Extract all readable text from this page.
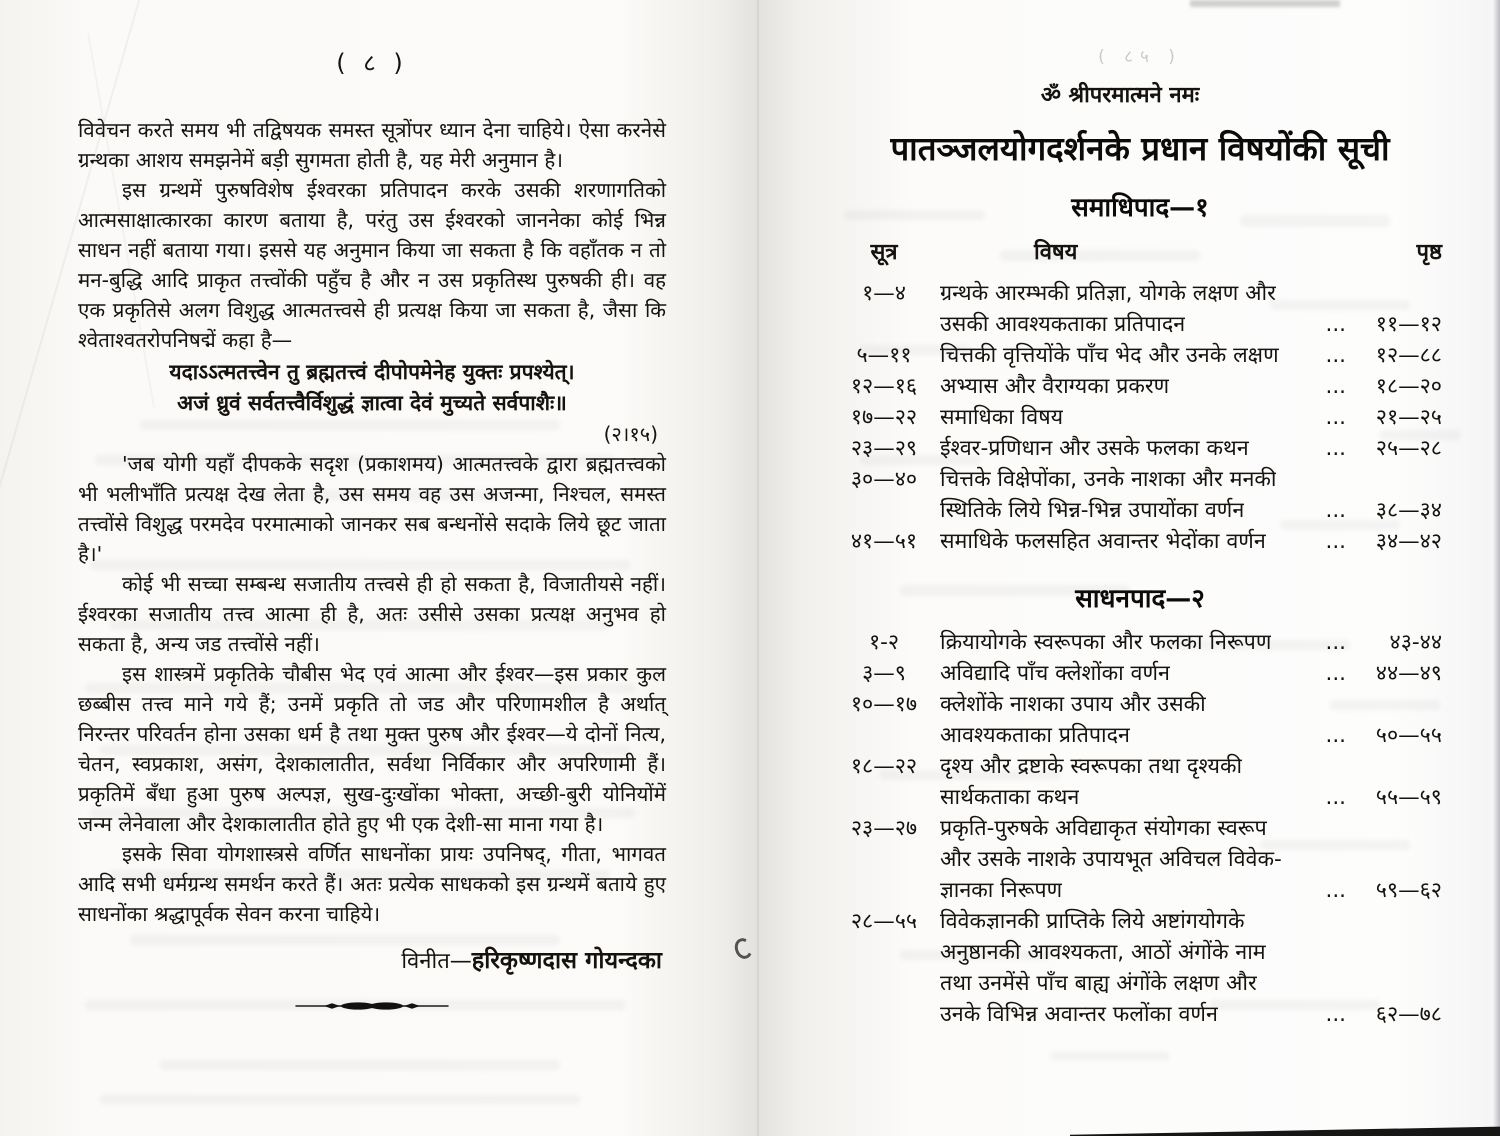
( ८ )

विवेचन करते समय भी तद्विषयक समस्त सूत्रोंपर ध्यान देना चाहिये। ऐसा करनेसे ग्रन्थका आशय समझनेमें बड़ी सुगमता होती है, यह मेरी अनुमान है।

इस ग्रन्थमें पुरुषविशेष ईश्वरका प्रतिपादन करके उसकी शरणागतिको आत्मसाक्षात्कारका कारण बताया है, परंतु उस ईश्वरको जाननेका कोई भिन्न साधन नहीं बताया गया। इससे यह अनुमान किया जा सकता है कि वहाँतक न तो मन-बुद्धि आदि प्राकृत तत्त्वोंकी पहुँच है और न उस प्रकृतिस्थ पुरुषकी ही। वह एक प्रकृतिसे अलग विशुद्ध आत्मतत्त्वसे ही प्रत्यक्ष किया जा सकता है, जैसा कि श्वेताश्वतरोपनिषद्में कहा है—

यदाऽऽत्मतत्त्वेन तु ब्रह्मतत्त्वं दीपोपमेनेह युक्तः प्रपश्येत्।
अजं ध्रुवं सर्वतत्त्वैर्विशुद्धं ज्ञात्वा देवं मुच्यते सर्वपाशैः॥
(२।१५)

'जब योगी यहाँ दीपकके सदृश (प्रकाशमय) आत्मतत्त्वके द्वारा ब्रह्मतत्त्वको भी भलीभाँति प्रत्यक्ष देख लेता है, उस समय वह उस अजन्मा, निश्चल, समस्त तत्त्वोंसे विशुद्ध परमदेव परमात्माको जानकर सब बन्धनोंसे सदाके लिये छूट जाता है।'

कोई भी सच्चा सम्बन्ध सजातीय तत्त्वसे ही हो सकता है, विजातीयसे नहीं। ईश्वरका सजातीय तत्त्व आत्मा ही है, अतः उसीसे उसका प्रत्यक्ष अनुभव हो सकता है, अन्य जड तत्त्वोंसे नहीं।

इस शास्त्रमें प्रकृतिके चौबीस भेद एवं आत्मा और ईश्वर—इस प्रकार कुल छब्बीस तत्त्व माने गये हैं; उनमें प्रकृति तो जड और परिणामशील है अर्थात् निरन्तर परिवर्तन होना उसका धर्म है तथा मुक्त पुरुष और ईश्वर—ये दोनों नित्य, चेतन, स्वप्रकाश, असंग, देशकालातीत, सर्वथा निर्विकार और अपरिणामी हैं। प्रकृतिमें बँधा हुआ पुरुष अल्पज्ञ, सुख-दुःखोंका भोक्ता, अच्छी-बुरी योनियोंमें जन्म लेनेवाला और देशकालातीत होते हुए भी एक देशी-सा माना गया है।

इसके सिवा योगशास्त्रसे वर्णित साधनोंका प्रायः उपनिषद्, गीता, भागवत आदि सभी धर्मग्रन्थ समर्थन करते हैं। अतः प्रत्येक साधकको इस ग्रन्थमें बताये हुए साधनोंका श्रद्धापूर्वक सेवन करना चाहिये।

विनीत—हरिकृष्णदास गोयन्दका
( ८५ )
ॐ श्रीपरमात्मने नमः
पातञ्जलयोगदर्शनके प्रधान विषयोंकी सूची
समाधिपाद—१
सूत्र	विषय	पृष्ठ
१—४	ग्रन्थके आरम्भकी प्रतिज्ञा, योगके लक्षण और
उसकी आवश्यकताका प्रतिपादन	...	११—१२
५—११	चित्तकी वृत्तियोंके पाँच भेद और उनके लक्षण ...	१२—८८
१२—१६	अभ्यास और वैराग्यका प्रकरण	...	१८—२०
१७—२२	समाधिका विषय	...	२१—२५
२३—२९	ईश्वर-प्रणिधान और उसके फलका कथन	...	२५—२८
३०—४०	चित्तके विक्षेपोंका, उनके नाशका और मनकी
स्थितिके लिये भिन्न-भिन्न उपायोंका वर्णन	...	३८—३४
४१—५१	समाधिके फलसहित अवान्तर भेदोंका वर्णन	...	३४—४२
साधनपाद—२
१-२	क्रियायोगके स्वरूपका और फलका निरूपण	...	४३-४४
३—९	अविद्यादि पाँच क्लेशोंका वर्णन	...	४४—४९
१०—१७	क्लेशोंके नाशका उपाय और उसकी
आवश्यकताका प्रतिपादन	...	५०—५५
१८—२२	दृश्य और द्रष्टाके स्वरूपका तथा दृश्यकी
सार्थकताका कथन	...	५५—५९
२३—२७	प्रकृति-पुरुषके अविद्याकृत संयोगका स्वरूप
और उसके नाशके उपायभूत अविचल विवेक-
ज्ञानका निरूपण	...	५९—६२
२८—५५	विवेकज्ञानकी प्राप्तिके लिये अष्टांगयोगके
अनुष्ठानकी आवश्यकता, आठों अंगोंके नाम
तथा उनमेंसे पाँच बाह्य अंगोंके लक्षण और
उनके विभिन्न अवान्तर फलोंका वर्णन	...	६२—७८
